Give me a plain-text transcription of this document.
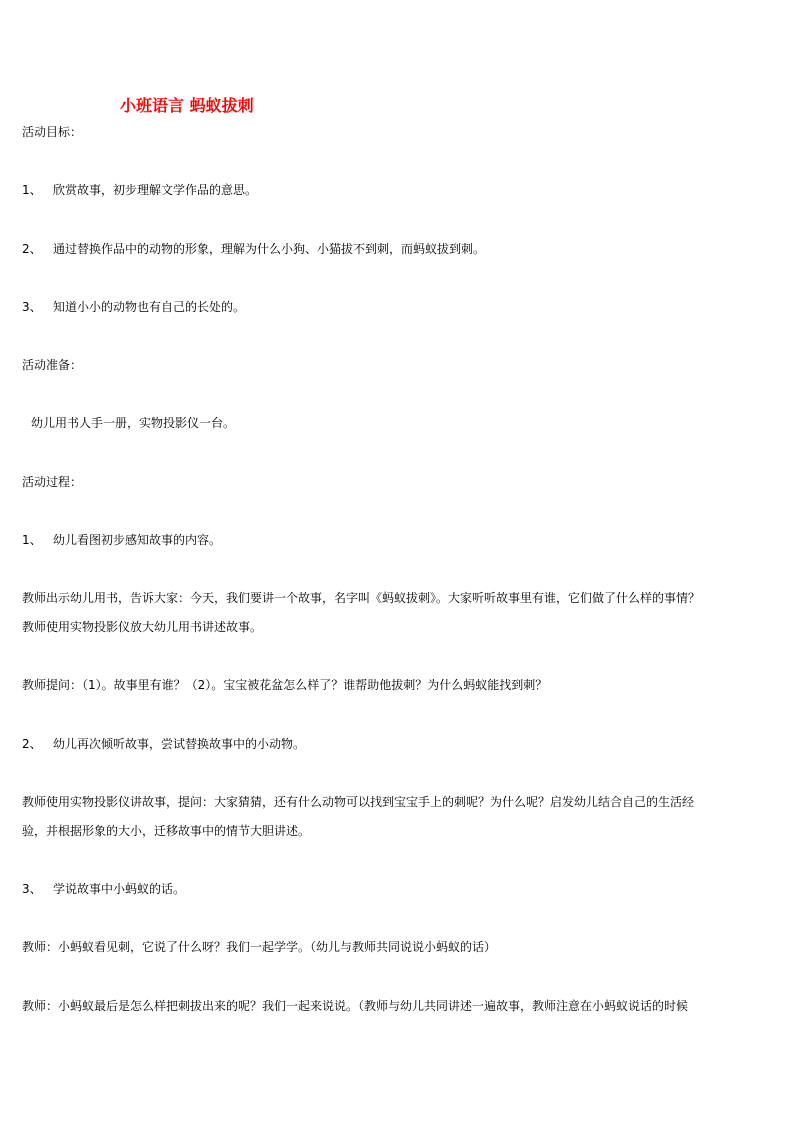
小班语言 蚂蚁拔刺
活动目标：
1、 欣赏故事，初步理解文学作品的意思。
2、 通过替换作品中的动物的形象，理解为什么小狗、小猫拔不到刺，而蚂蚁拔到刺。
3、 知道小小的动物也有自己的长处的。
活动准备：
幼儿用书人手一册，实物投影仪一台。
活动过程：
1、 幼儿看图初步感知故事的内容。
教师出示幼儿用书，告诉大家：今天，我们要讲一个故事，名字叫《蚂蚁拔刺》。大家听听故事里有谁，它们做了什么样的事情？
教师使用实物投影仪放大幼儿用书讲述故事。
教师提问：（1）。故事里有谁？（2）。宝宝被花盆怎么样了？谁帮助他拔刺？为什么蚂蚁能找到刺？
2、 幼儿再次倾听故事，尝试替换故事中的小动物。
教师使用实物投影仪讲故事，提问：大家猜猜，还有什么动物可以找到宝宝手上的刺呢？为什么呢？启发幼儿结合自己的生活经
验，并根据形象的大小，迁移故事中的情节大胆讲述。
3、 学说故事中小蚂蚁的话。
教师：小蚂蚁看见刺，它说了什么呀？我们一起学学。（幼儿与教师共同说说小蚂蚁的话）
教师：小蚂蚁最后是怎么样把刺拔出来的呢？我们一起来说说。（教师与幼儿共同讲述一遍故事，教师注意在小蚂蚁说话的时候
